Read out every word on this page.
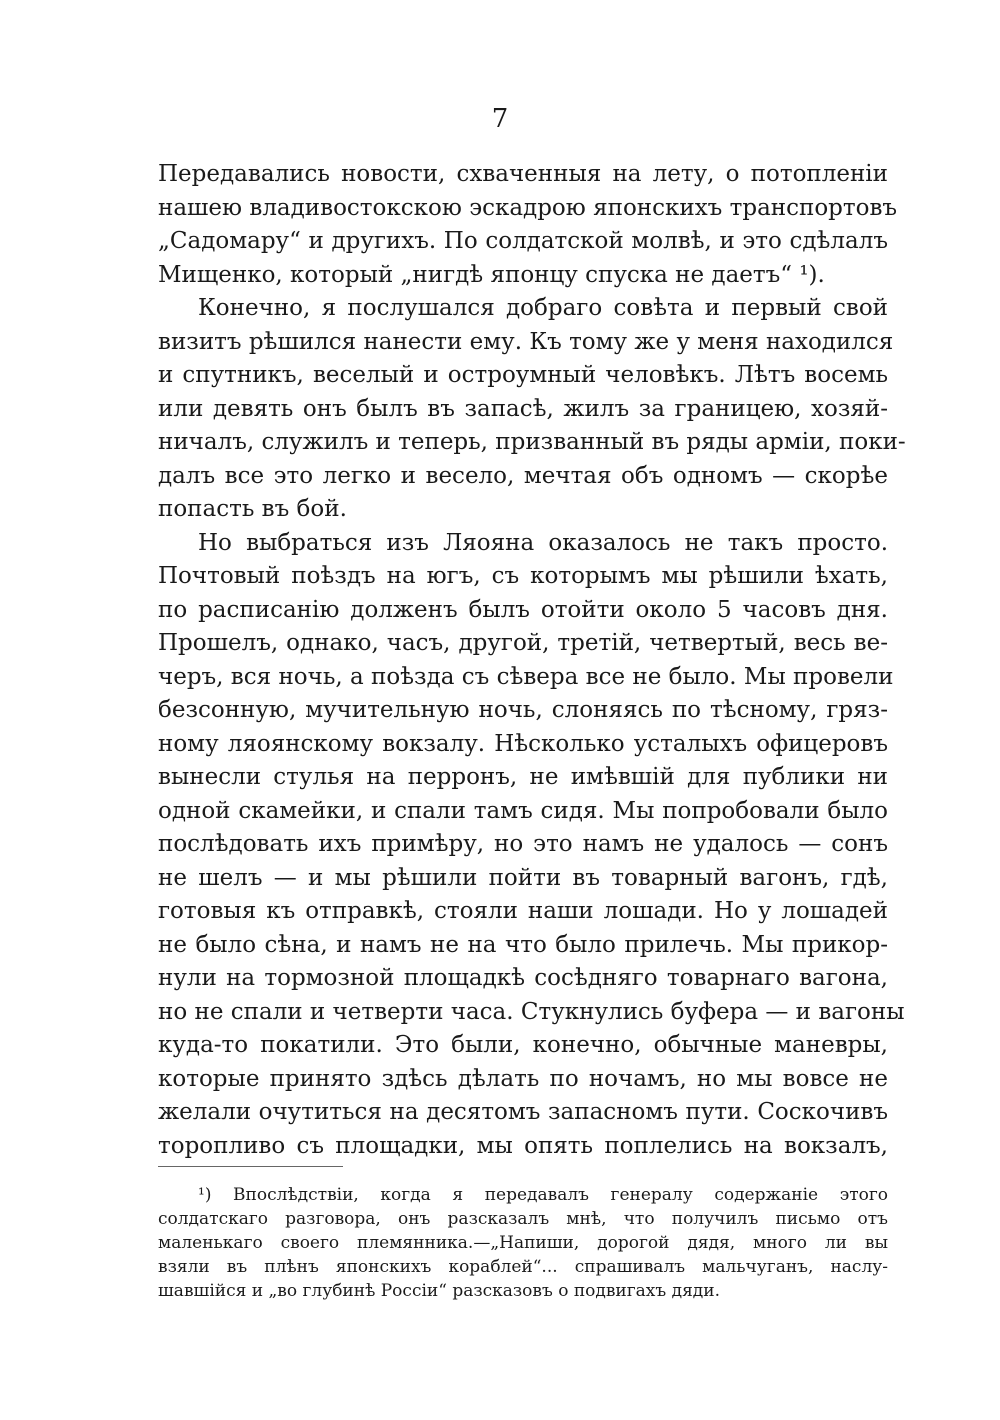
7
Передавались новости, схваченныя на лету, о потопленiи
нашею владивостокскою эскадрою японскихъ транспортовъ
„Садомару“ и другихъ. По солдатской молвѣ, и это сдѣлалъ
Мищенко, который „нигдѣ японцу спуска не даетъ“ ¹).
Конечно, я послушался добраго совѣта и первый свой
визитъ рѣшился нанести ему. Къ тому же у меня находился
и спутникъ, веселый и остроумный человѣкъ. Лѣтъ восемь
или девять онъ былъ въ запасѣ, жилъ за границею, хозяй-
ничалъ, служилъ и теперь, призванный въ ряды армiи, поки-
далъ все это легко и весело, мечтая объ одномъ — скорѣе
попасть въ бой.
Но выбраться изъ Ляояна оказалось не такъ просто.
Почтовый поѣздъ на югъ, съ которымъ мы рѣшили ѣхать,
по расписанiю долженъ былъ отойти около 5 часовъ дня.
Прошелъ, однако, часъ, другой, третiй, четвертый, весь ве-
черъ, вся ночь, а поѣзда съ сѣвера все не было. Мы провели
безсонную, мучительную ночь, слоняясь по тѣсному, гряз-
ному ляоянскому вокзалу. Нѣсколько усталыхъ офицеровъ
вынесли стулья на перронъ, не имѣвшiй для публики ни
одной скамейки, и спали тамъ сидя. Мы попробовали было
послѣдовать ихъ примѣру, но это намъ не удалось — сонъ
не шелъ — и мы рѣшили пойти въ товарный вагонъ, гдѣ,
готовыя къ отправкѣ, стояли наши лошади. Но у лошадей
не было сѣна, и намъ не на что было прилечь. Мы прикор-
нули на тормозной площадкѣ сосѣдняго товарнаго вагона,
но не спали и четверти часа. Стукнулись буфера — и вагоны
куда-то покатили. Это были, конечно, обычные маневры,
которые принято здѣсь дѣлать по ночамъ, но мы вовсе не
желали очутиться на десятомъ запасномъ пути. Соскочивъ
торопливо съ площадки, мы опять поплелись на вокзалъ,
¹) Впослѣдствiи, когда я передавалъ генералу содержанiе этого
солдатскаго разговора, онъ разсказалъ мнѣ, что получилъ письмо отъ
маленькаго своего племянника.—„Напиши, дорогой дядя, много ли вы
взяли въ плѣнъ японскихъ кораблей“... спрашивалъ мальчуганъ, наслу-
шавшiйся и „во глубинѣ Россiи“ разсказовъ о подвигахъ дяди.
